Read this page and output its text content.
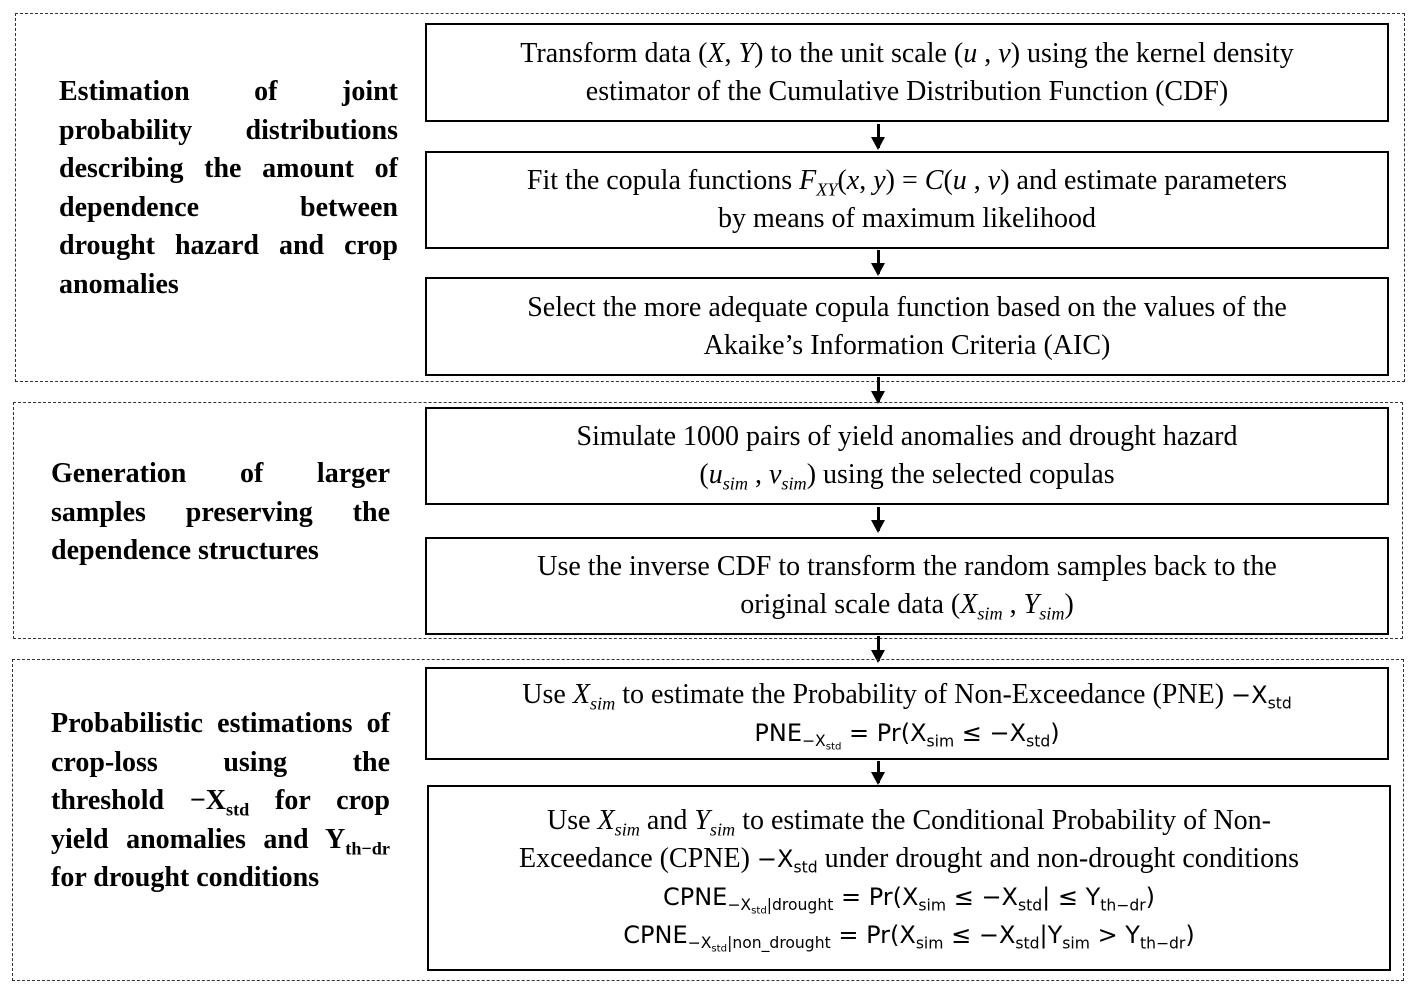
Estimation of joint probability distributions describing the amount of dependence between drought hazard and crop anomalies
Transform data (X, Y) to the unit scale (u , v) using the kernel density
estimator of the Cumulative Distribution Function (CDF)
Fit the copula functions $F_{XY}(x$, y) = C(u , v) and estimate parameters
by means of maximum likelihood
Select the more adequate copula function based on the values of the
Akaike’s Information Criteria (AIC)
Generation of larger samples preserving the dependence structures
Simulate 1000 pairs of yield anomalies and drought hazard
($u_{sim}$ , $v_{sim}$) using the selected copulas
Use the inverse CDF to transform the random samples back to the
original scale data ($X_{sim}$ , $Y_{sim}$)
Probabilistic estimations of crop-loss using the threshold $-X_{std}$ for crop yield anomalies and $Y_{th-dr}$ for drought conditions
Use $X_{sim}$ to estimate the Probability of Non-Exceedance $(PNE) -X_{std}$
$PNE_{-X_{std}} = Pr(X_{sim} \le -X_{std})$
Use $X_{sim}$ and $Y_{sim}$ to estimate the Conditional Probability of Non-
Exceedance (CPNE) $-X_{std}$ under drought and non-drought conditions
$CPNE_{-X_{std}|drought} = Pr(X_{sim} \le -X_{std}| \le Y_{th-dr})$
$CPNE_{-X_{std}|non\_drought} = Pr(X_{sim} \le -X_{std}|Y_{sim} > Y_{th-dr})$
